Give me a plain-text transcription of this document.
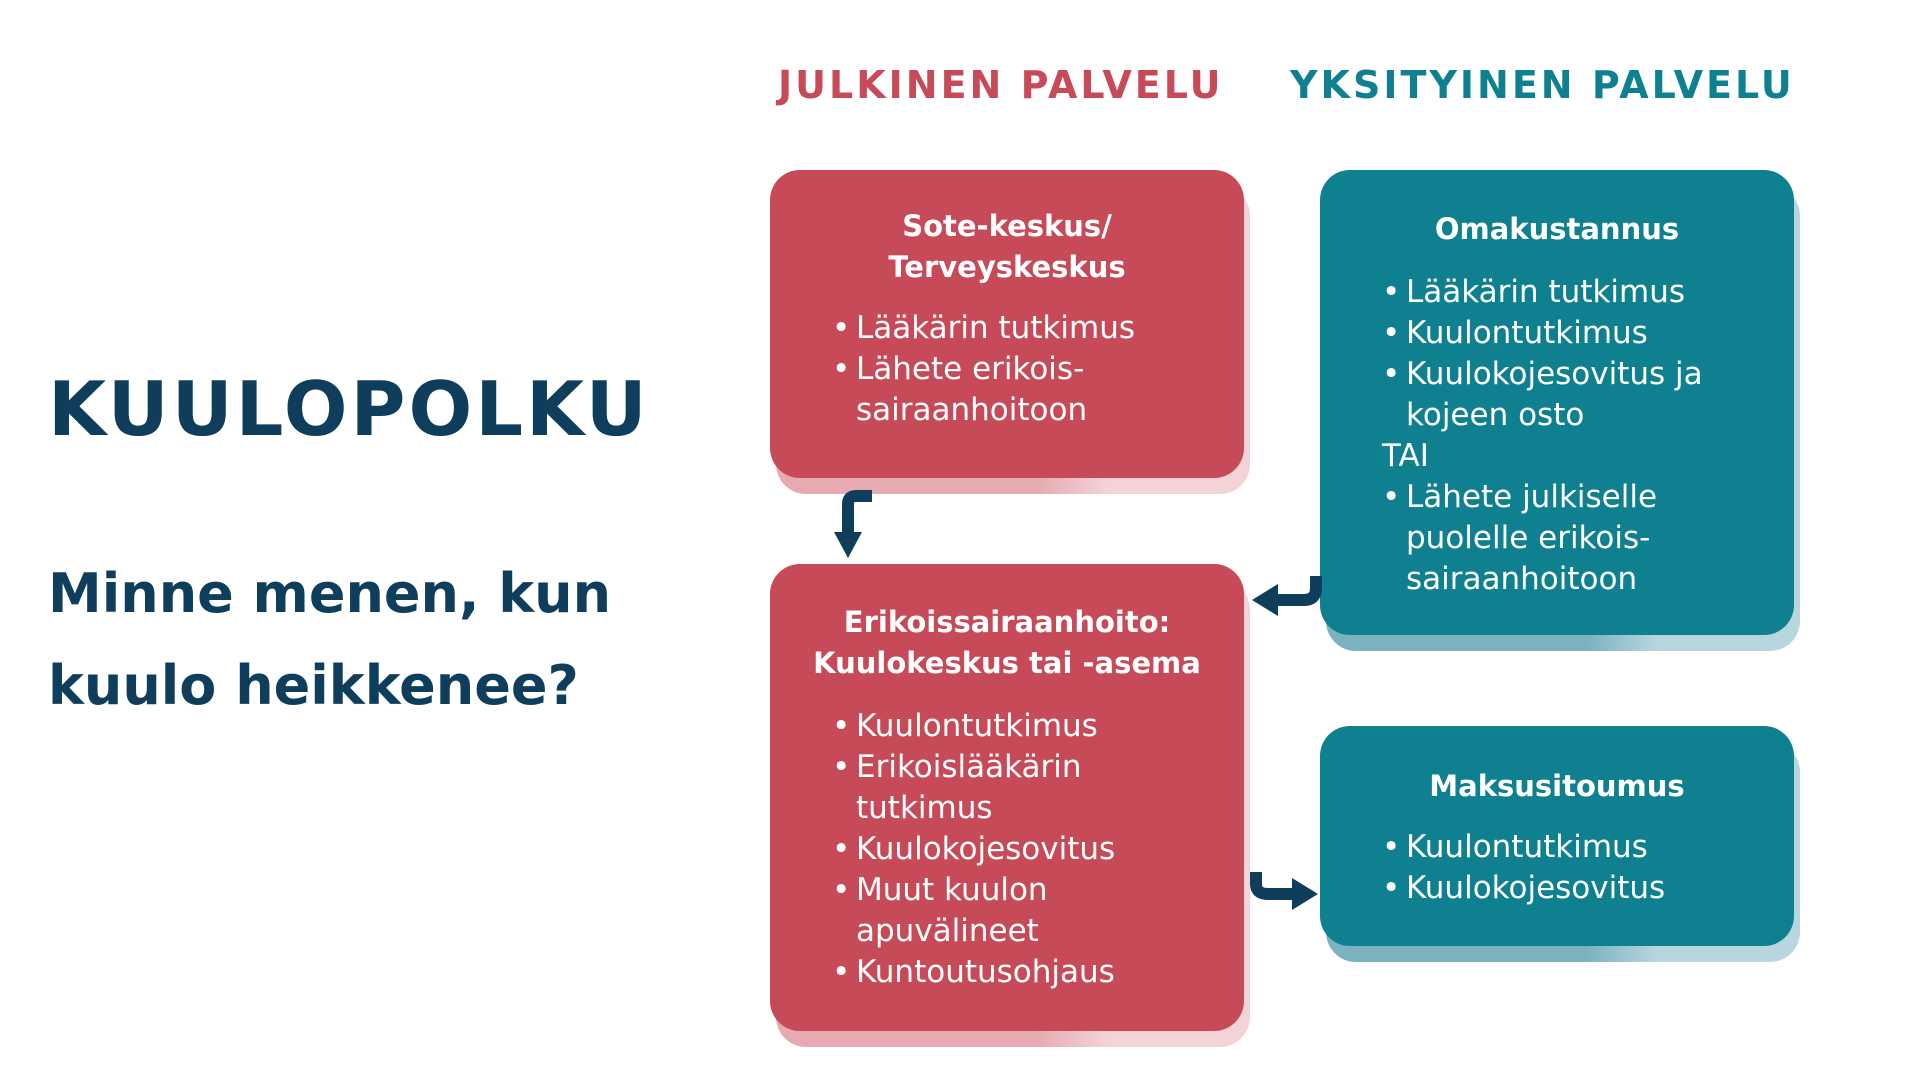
KUULOPOLKU
Minne menen, kun kuulo heikkenee?
JULKINEN PALVELU YKSITYINEN PALVELU
Sote-keskus/
Terveyskeskus
• Lääkärin tutkimus
• Lähete erikois-
sairaanhoitoon
Erikoissairaanhoito:
Kuulokeskus tai -asema
• Kuulontutkimus
• Erikoislääkärin
tutkimus
• Kuulokojesovitus
• Muut kuulon
apuvälineet
• Kuntoutusohjaus
Omakustannus
• Lääkärin tutkimus
• Kuulontutkimus
• Kuulokojesovitus ja
kojeen osto
TAI
• Lähete julkiselle
puolelle erikois-
sairaanhoitoon
Maksusitoumus
• Kuulontutkimus
• Kuulokojesovitus
